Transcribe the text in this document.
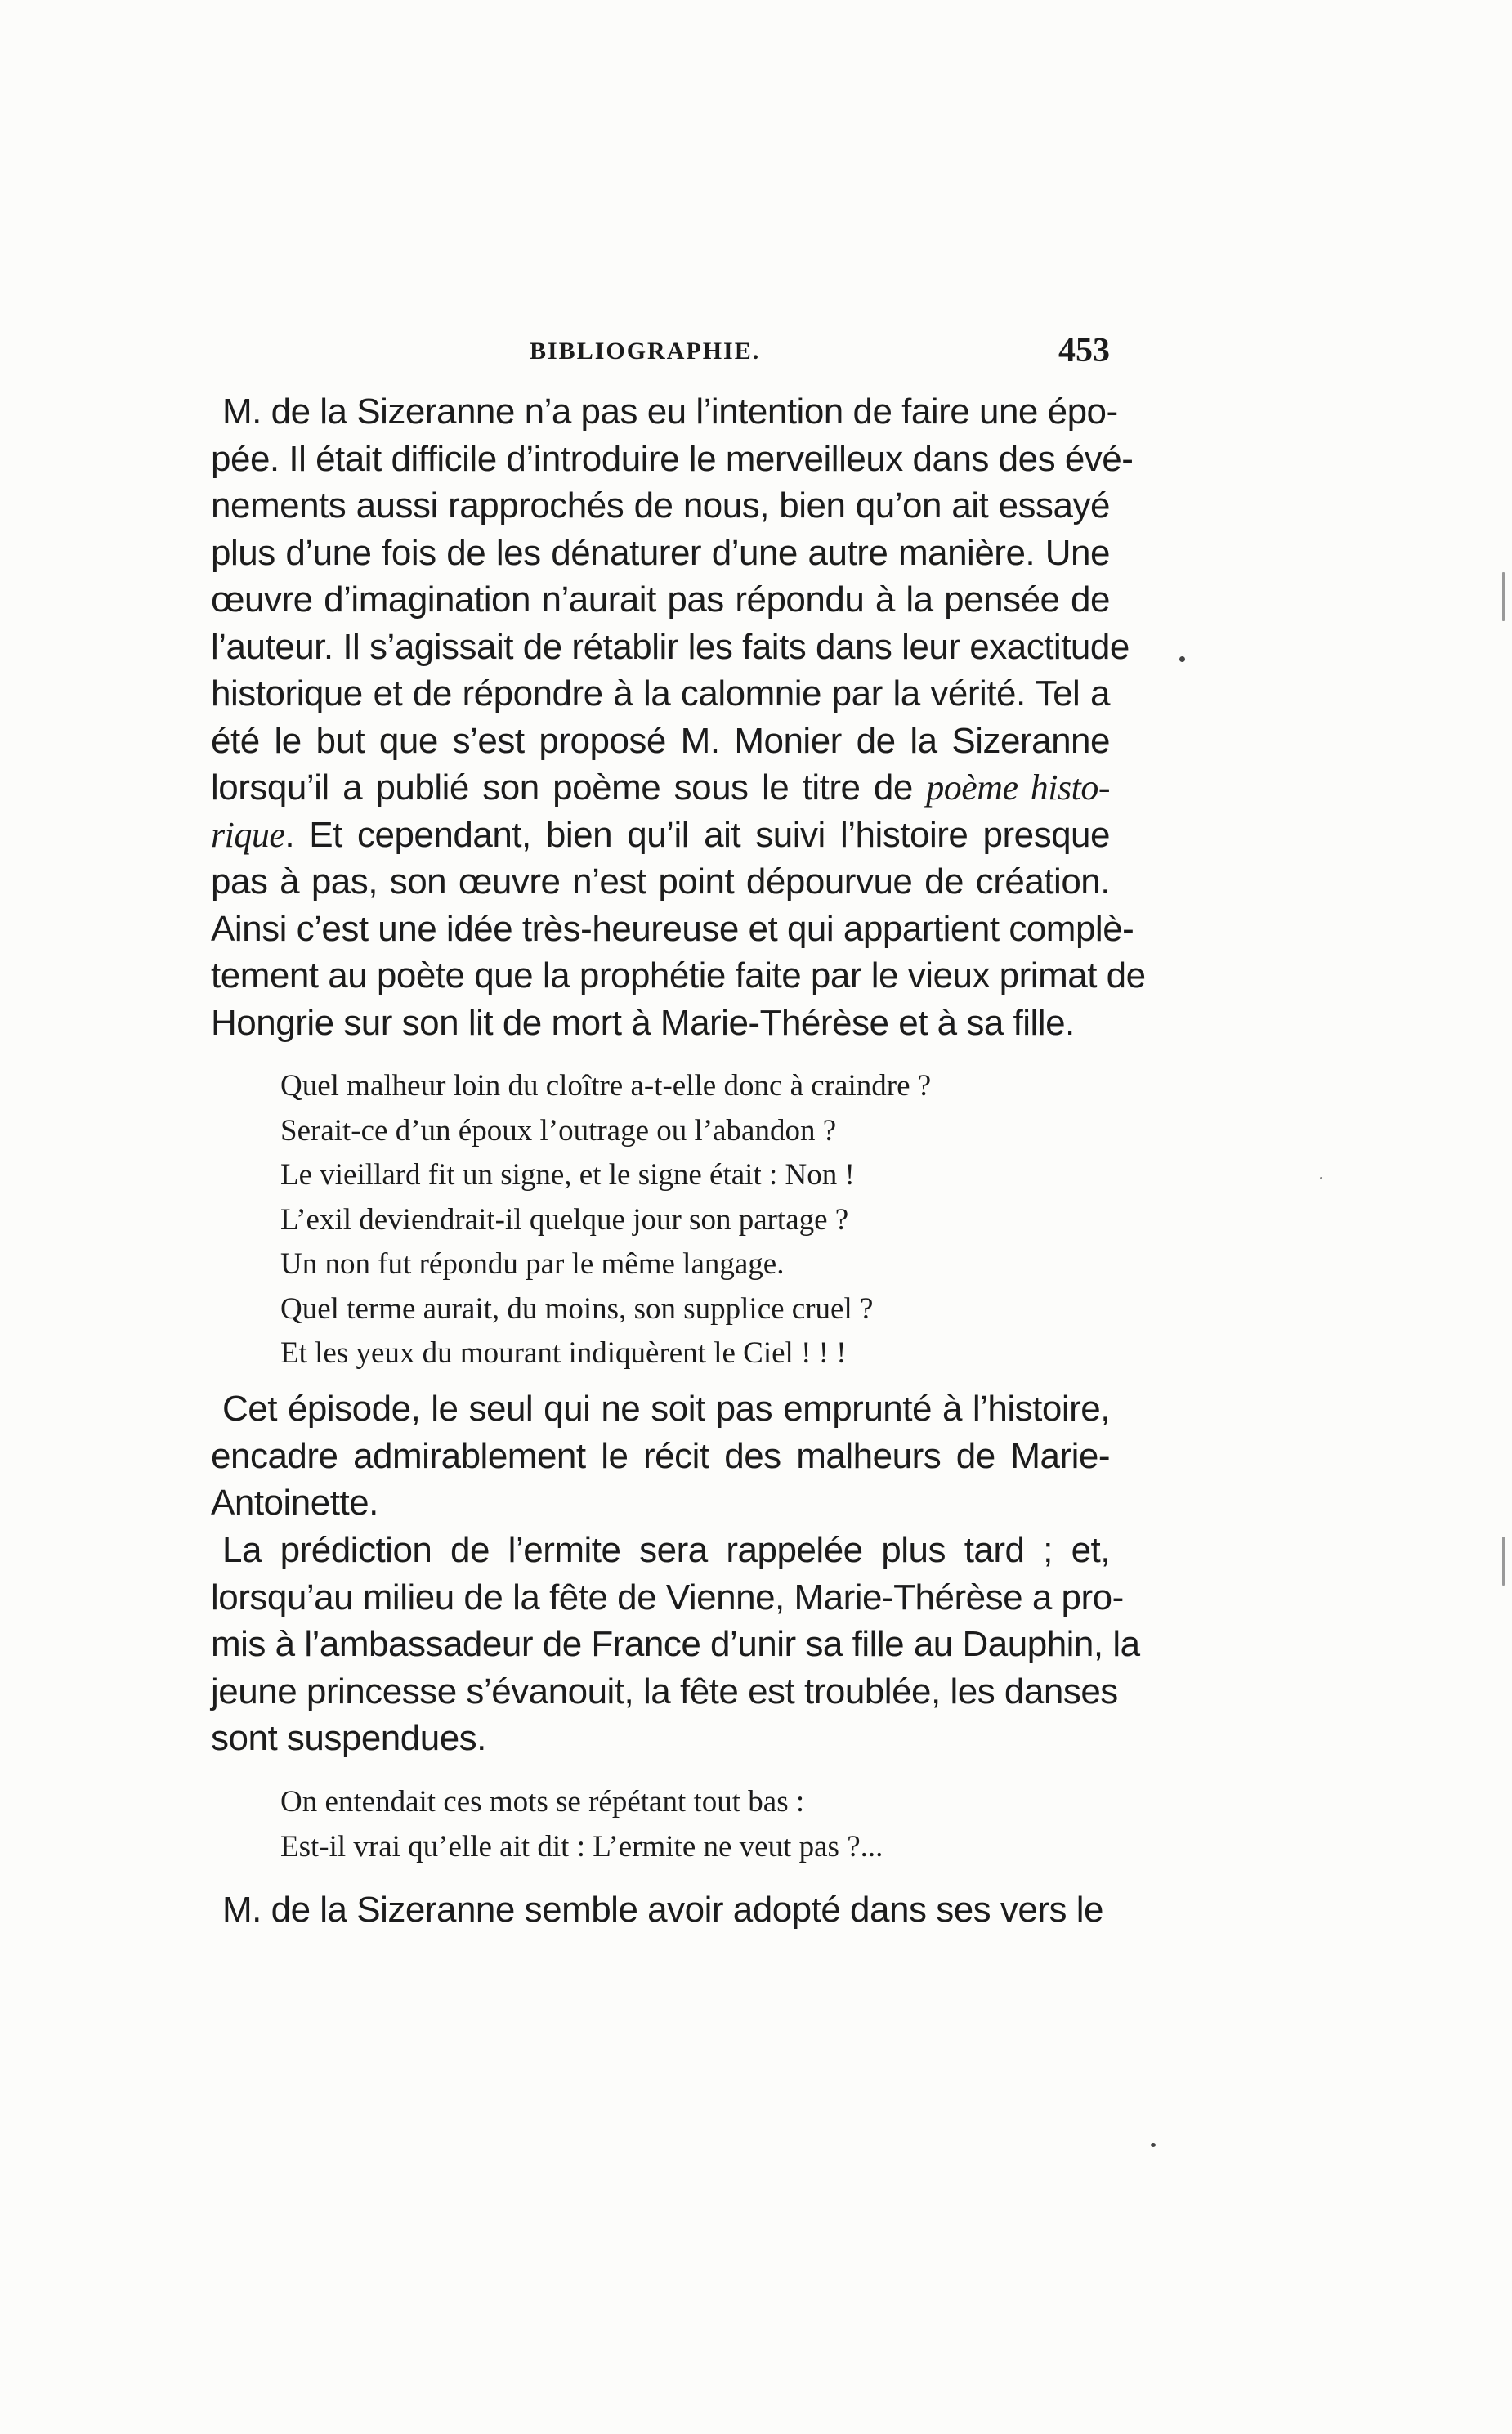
BIBLIOGRAPHIE.	453
M. de la Sizeranne n’a pas eu l’intention de faire une épo-
pée. Il était difficile d’introduire le merveilleux dans des évé-
nements aussi rapprochés de nous, bien qu’on ait essayé
plus d’une fois de les dénaturer d’une autre manière. Une
œuvre d’imagination n’aurait pas répondu à la pensée de
l’auteur. Il s’agissait de rétablir les faits dans leur exactitude
historique et de répondre à la calomnie par la vérité. Tel a
été le but que s’est proposé M. Monier de la Sizeranne
lorsqu’il a publié son poème sous le titre de poème histo-
rique. Et cependant, bien qu’il ait suivi l’histoire presque
pas à pas, son œuvre n’est point dépourvue de création.
Ainsi c’est une idée très-heureuse et qui appartient complè-
tement au poète que la prophétie faite par le vieux primat de
Hongrie sur son lit de mort à Marie-Thérèse et à sa fille.
Quel malheur loin du cloître a-t-elle donc à craindre ?
Serait-ce d’un époux l’outrage ou l’abandon ?
Le vieillard fit un signe, et le signe était : Non !
L’exil deviendrait-il quelque jour son partage ?
Un non fut répondu par le même langage.
Quel terme aurait, du moins, son supplice cruel ?
Et les yeux du mourant indiquèrent le Ciel ! ! !
Cet épisode, le seul qui ne soit pas emprunté à l’histoire,
encadre admirablement le récit des malheurs de Marie-
Antoinette.
La prédiction de l’ermite sera rappelée plus tard ; et,
lorsqu’au milieu de la fête de Vienne, Marie-Thérèse a pro-
mis à l’ambassadeur de France d’unir sa fille au Dauphin, la
jeune princesse s’évanouit, la fête est troublée, les danses
sont suspendues.
On entendait ces mots se répétant tout bas :
Est-il vrai qu’elle ait dit : L’ermite ne veut pas ?...
M. de la Sizeranne semble avoir adopté dans ses vers le
